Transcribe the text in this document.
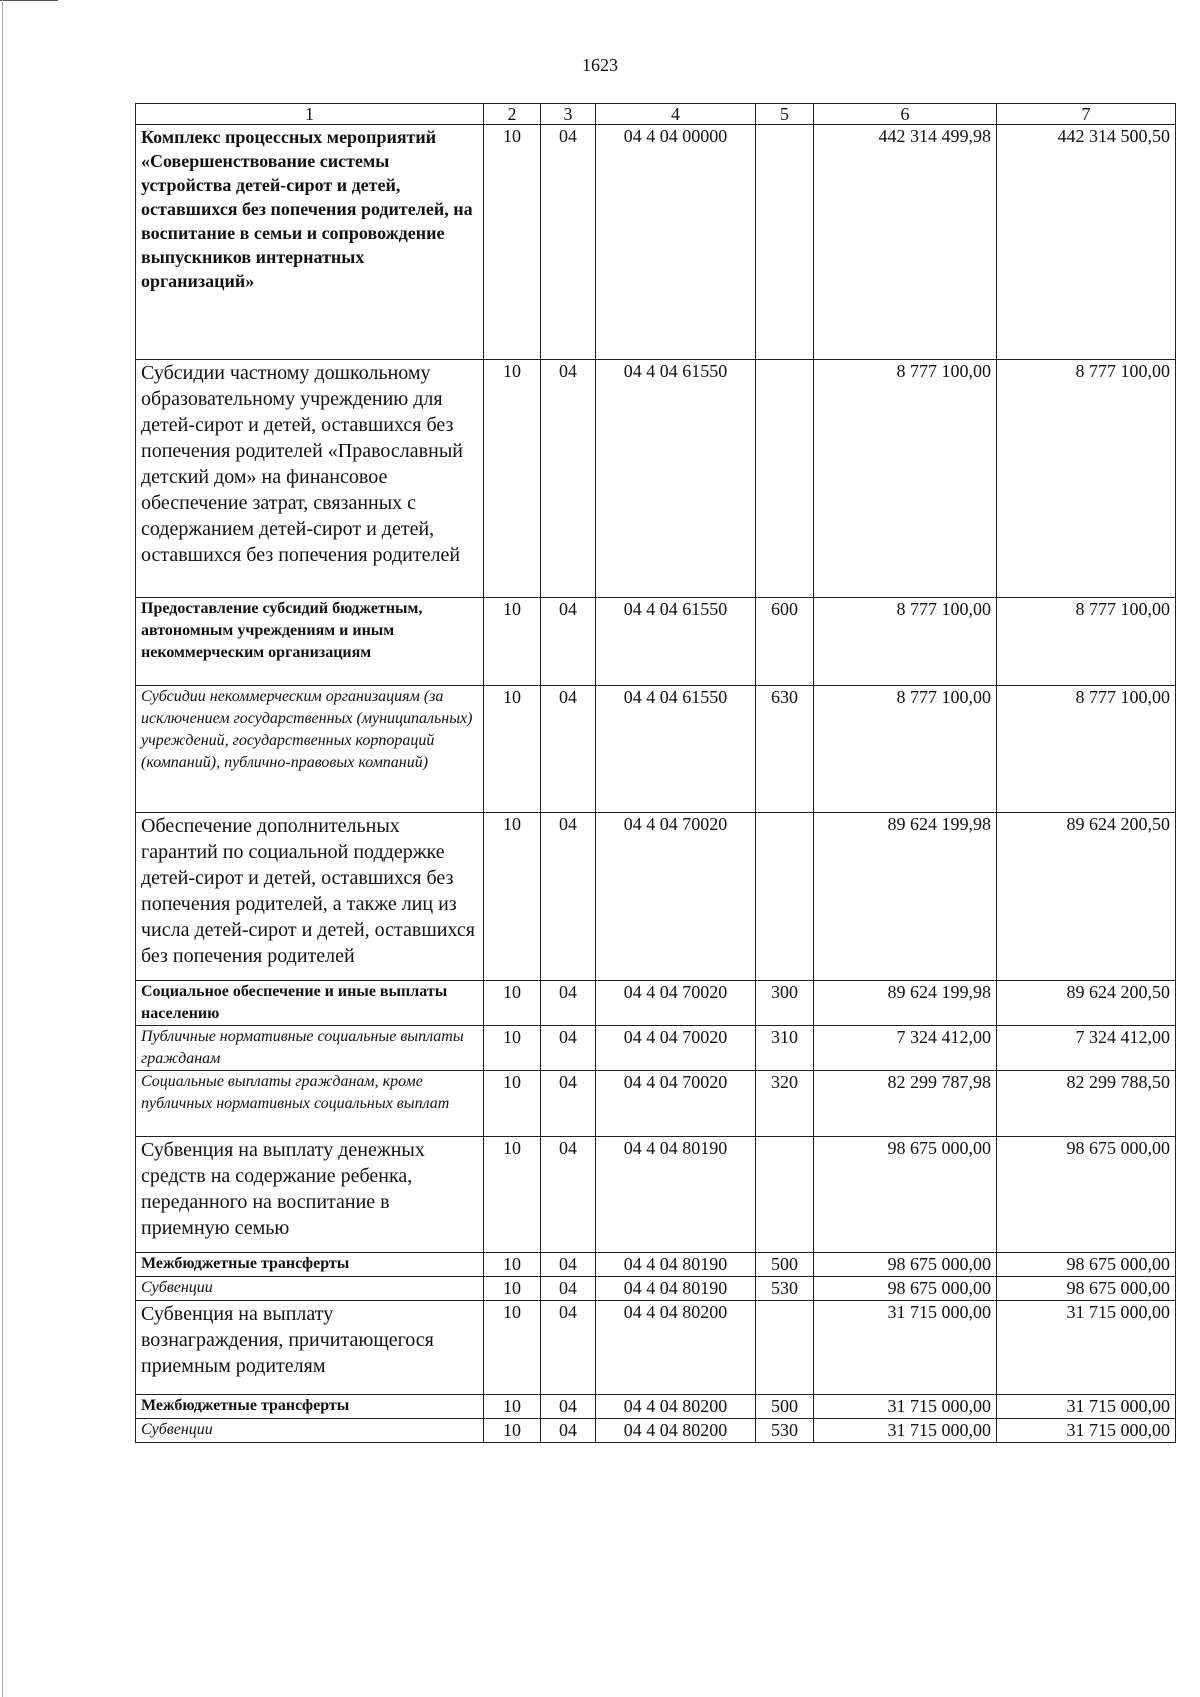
1623
1	2	3	4	5	6	7
Комплекс процессных мероприятий «Совершенствование системы устройства детей-сирот и детей, оставшихся без попечения родителей, на воспитание в семьи и сопровождение выпускников интернатных организаций»	10	04	04 4 04 00000		442 314 499,98	442 314 500,50
Субсидии частному дошкольному образовательному учреждению для детей-сирот и детей, оставшихся без попечения родителей «Православный детский дом» на финансовое обеспечение затрат, связанных с содержанием детей-сирот и детей, оставшихся без попечения родителей	10	04	04 4 04 61550		8 777 100,00	8 777 100,00
Предоставление субсидий бюджетным, автономным учреждениям и иным некоммерческим организациям	10	04	04 4 04 61550	600	8 777 100,00	8 777 100,00
Субсидии некоммерческим организациям (за исключением государственных (муниципальных) учреждений, государственных корпораций (компаний), публично-правовых компаний)	10	04	04 4 04 61550	630	8 777 100,00	8 777 100,00
Обеспечение дополнительных гарантий по социальной поддержке детей-сирот и детей, оставшихся без попечения родителей, а также лиц из числа детей-сирот и детей, оставшихся без попечения родителей	10	04	04 4 04 70020		89 624 199,98	89 624 200,50
Социальное обеспечение и иные выплаты населению	10	04	04 4 04 70020	300	89 624 199,98	89 624 200,50
Публичные нормативные социальные выплаты гражданам	10	04	04 4 04 70020	310	7 324 412,00	7 324 412,00
Социальные выплаты гражданам, кроме публичных нормативных социальных выплат	10	04	04 4 04 70020	320	82 299 787,98	82 299 788,50
Субвенция на выплату денежных средств на содержание ребенка, переданного на воспитание в приемную семью	10	04	04 4 04 80190		98 675 000,00	98 675 000,00
Межбюджетные трансферты	10	04	04 4 04 80190	500	98 675 000,00	98 675 000,00
Субвенции	10	04	04 4 04 80190	530	98 675 000,00	98 675 000,00
Субвенция на выплату вознаграждения, причитающегося приемным родителям	10	04	04 4 04 80200		31 715 000,00	31 715 000,00
Межбюджетные трансферты	10	04	04 4 04 80200	500	31 715 000,00	31 715 000,00
Субвенции	10	04	04 4 04 80200	530	31 715 000,00	31 715 000,00
